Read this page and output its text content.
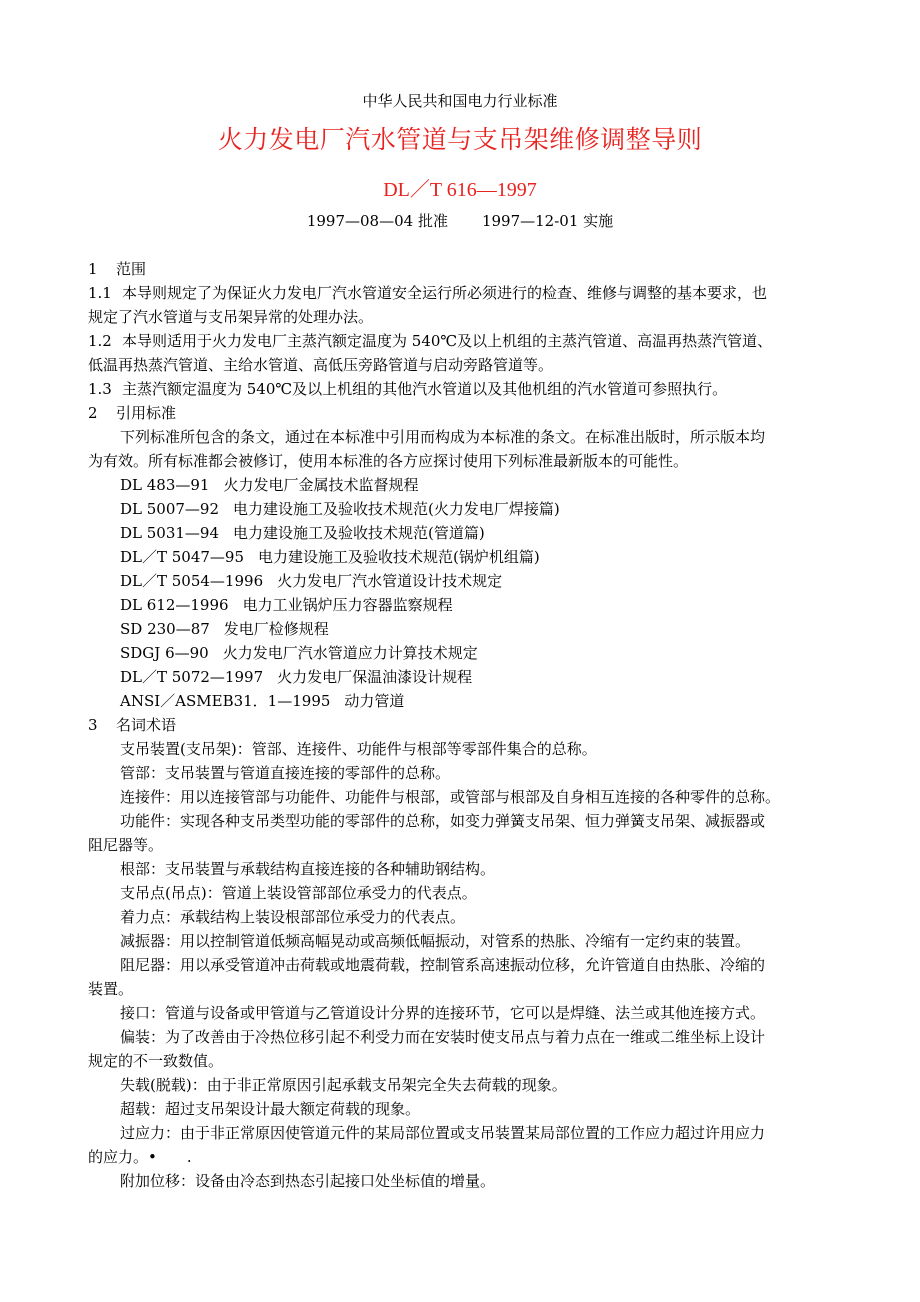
中华人民共和国电力行业标准
火力发电厂汽水管道与支吊架维修调整导则
DL／T 616—1997
1997—08—04 批准 1997—12-01 实施
1 范围
1.1 本导则规定了为保证火力发电厂汽水管道安全运行所必须进行的检查、维修与调整的基本要求，也
规定了汽水管道与支吊架异常的处理办法。
1.2 本导则适用于火力发电厂主蒸汽额定温度为 540℃及以上机组的主蒸汽管道、高温再热蒸汽管道、
低温再热蒸汽管道、主给水管道、高低压旁路管道与启动旁路管道等。
1.3 主蒸汽额定温度为 540℃及以上机组的其他汽水管道以及其他机组的汽水管道可参照执行。
2 引用标准
下列标准所包含的条文，通过在本标准中引用而构成为本标准的条文。在标准出版时，所示版本均
为有效。所有标准都会被修订，使用本标准的各方应探讨使用下列标准最新版本的可能性。
DL 483—91 火力发电厂金属技术监督规程
DL 5007—92 电力建设施工及验收技术规范(火力发电厂焊接篇)
DL 5031—94 电力建设施工及验收技术规范(管道篇)
DL／T 5047—95 电力建设施工及验收技术规范(锅炉机组篇)
DL／T 5054—1996 火力发电厂汽水管道设计技术规定
DL 612—1996 电力工业锅炉压力容器监察规程
SD 230—87 发电厂检修规程
SDGJ 6—90 火力发电厂汽水管道应力计算技术规定
DL／T 5072—1997 火力发电厂保温油漆设计规程
ANSI／ASMEB31．1—1995 动力管道
3 名词术语
支吊装置(支吊架)：管部、连接件、功能件与根部等零部件集合的总称。
管部：支吊装置与管道直接连接的零部件的总称。
连接件：用以连接管部与功能件、功能件与根部，或管部与根部及自身相互连接的各种零件的总称。
功能件：实现各种支吊类型功能的零部件的总称，如变力弹簧支吊架、恒力弹簧支吊架、减振器或
阻尼器等。
根部：支吊装置与承载结构直接连接的各种辅助钢结构。
支吊点(吊点)：管道上装设管部部位承受力的代表点。
着力点：承载结构上装设根部部位承受力的代表点。
减振器：用以控制管道低频高幅晃动或高频低幅振动，对管系的热胀、冷缩有一定约束的装置。
阻尼器：用以承受管道冲击荷载或地震荷载，控制管系高速振动位移，允许管道自由热胀、冷缩的
装置。
接口：管道与设备或甲管道与乙管道设计分界的连接环节，它可以是焊缝、法兰或其他连接方式。
偏装：为了改善由于冷热位移引起不利受力而在安装时使支吊点与着力点在一维或二维坐标上设计
规定的不一致数值。
失载(脱载)：由于非正常原因引起承载支吊架完全失去荷载的现象。
超载：超过支吊架设计最大额定荷载的现象。
过应力：由于非正常原因使管道元件的某局部位置或支吊装置某局部位置的工作应力超过许用应力
的应力。•　　.
附加位移：设备由冷态到热态引起接口处坐标值的增量。
